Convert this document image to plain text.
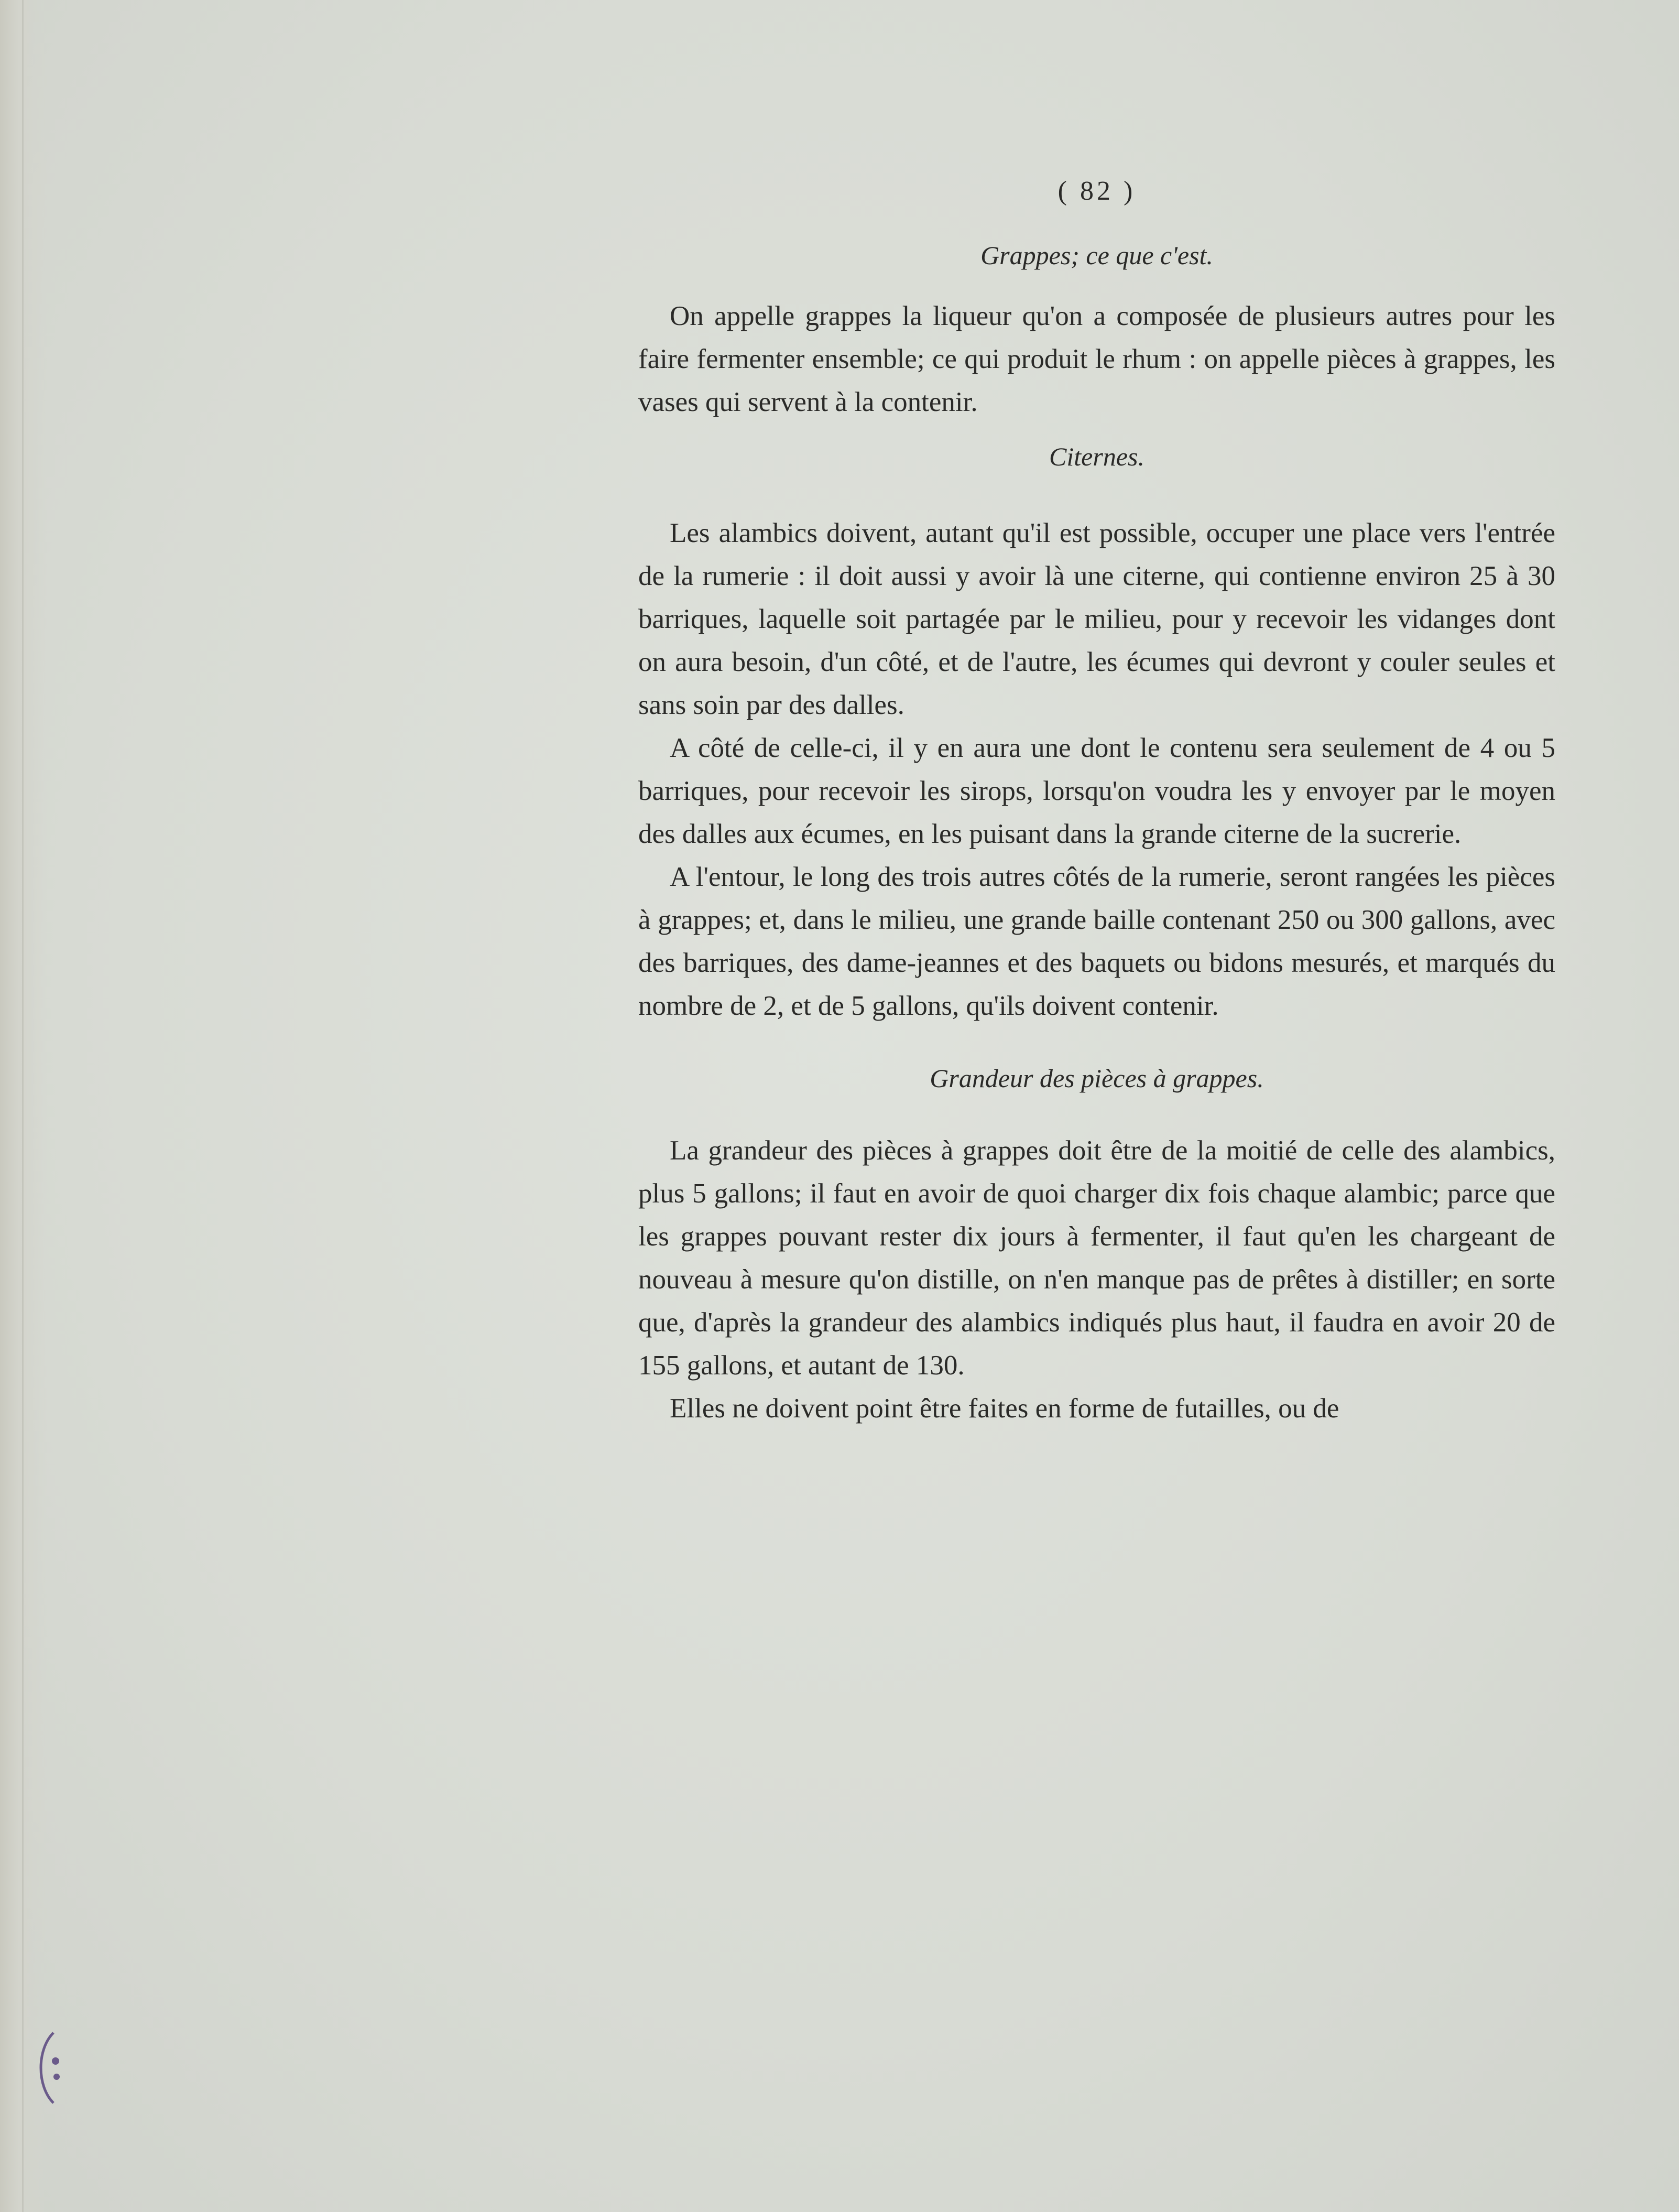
( 82 )
Grappes; ce que c'est.

On appelle grappes la liqueur qu'on a composée de plusieurs autres pour les faire fermenter ensemble; ce qui produit le rhum : on appelle pièces à grappes, les vases qui servent à la contenir.

Citernes.

Les alambics doivent, autant qu'il est possible, occuper une place vers l'entrée de la rumerie : il doit aussi y avoir là une citerne, qui contienne environ 25 à 30 barriques, laquelle soit partagée par le milieu, pour y recevoir les vidanges dont on aura besoin, d'un côté, et de l'autre, les écumes qui devront y couler seules et sans soin par des dalles.

A côté de celle-ci, il y en aura une dont le contenu sera seulement de 4 ou 5 barriques, pour recevoir les sirops, lorsqu'on voudra les y envoyer par le moyen des dalles aux écumes, en les puisant dans la grande citerne de la sucrerie.

A l'entour, le long des trois autres côtés de la rumerie, seront rangées les pièces à grappes; et, dans le milieu, une grande baille contenant 250 ou 300 gallons, avec des barriques, des dame-jeannes et des baquets ou bidons mesurés, et marqués du nombre de 2, et de 5 gallons, qu'ils doivent contenir.

Grandeur des pièces à grappes.

La grandeur des pièces à grappes doit être de la moitié de celle des alambics, plus 5 gallons; il faut en avoir de quoi charger dix fois chaque alambic; parce que les grappes pouvant rester dix jours à fermenter, il faut qu'en les chargeant de nouveau à mesure qu'on distille, on n'en manque pas de prêtes à distiller; en sorte que, d'après la grandeur des alambics indiqués plus haut, il faudra en avoir 20 de 155 gallons, et autant de 130.

Elles ne doivent point être faites en forme de futailles, ou de
